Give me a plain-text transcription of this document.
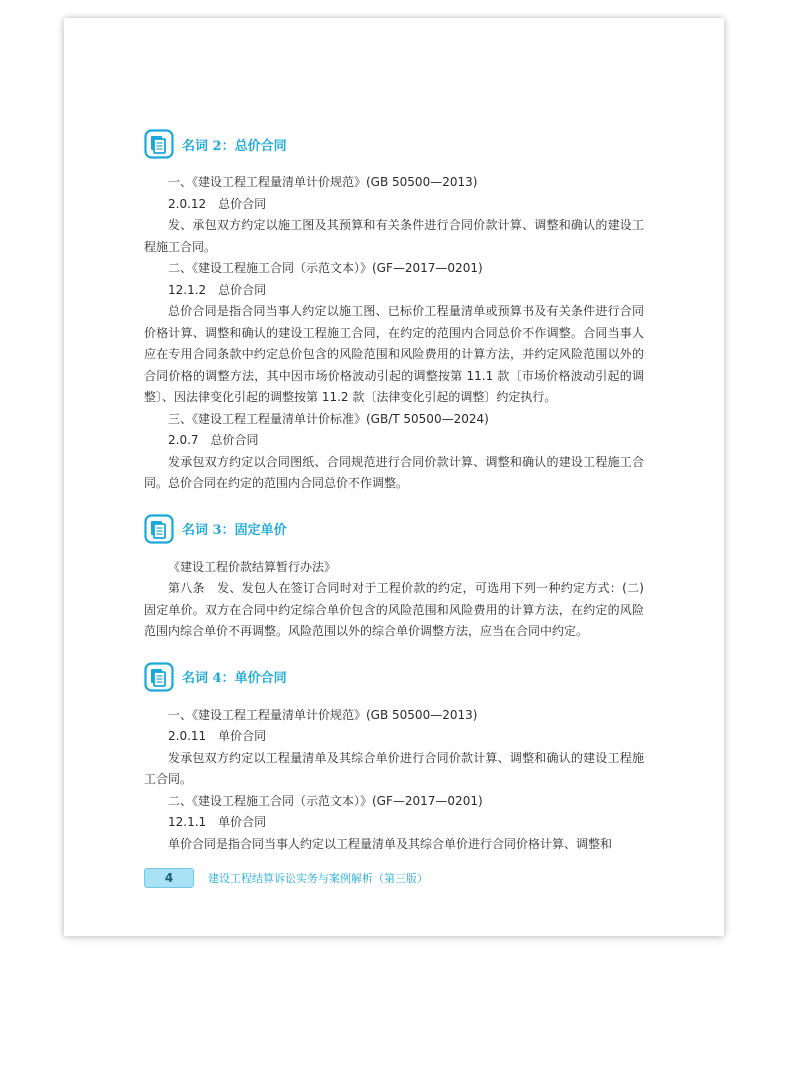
名词 2：总价合同

一、《建设工程工程量清单计价规范》(GB 50500—2013)

2.0.12　总价合同

发、承包双方约定以施工图及其预算和有关条件进行合同价款计算、调整和确认的建设工程施工合同。

二、《建设工程施工合同（示范文本）》(GF—2017—0201)

12.1.2　总价合同

总价合同是指合同当事人约定以施工图、已标价工程量清单或预算书及有关条件进行合同价格计算、调整和确认的建设工程施工合同，在约定的范围内合同总价不作调整。合同当事人应在专用合同条款中约定总价包含的风险范围和风险费用的计算方法，并约定风险范围以外的合同价格的调整方法，其中因市场价格波动引起的调整按第 11.1 款〔市场价格波动引起的调整〕、因法律变化引起的调整按第 11.2 款〔法律变化引起的调整〕约定执行。

三、《建设工程工程量清单计价标准》(GB/T 50500—2024)

2.0.7　总价合同

发承包双方约定以合同图纸、合同规范进行合同价款计算、调整和确认的建设工程施工合同。总价合同在约定的范围内合同总价不作调整。

名词 3：固定单价

《建设工程价款结算暂行办法》

第八条　发、发包人在签订合同时对于工程价款的约定，可选用下列一种约定方式：(二) 固定单价。双方在合同中约定综合单价包含的风险范围和风险费用的计算方法，在约定的风险范围内综合单价不再调整。风险范围以外的综合单价调整方法，应当在合同中约定。

名词 4：单价合同

一、《建设工程工程量清单计价规范》(GB 50500—2013)

2.0.11　单价合同

发承包双方约定以工程量清单及其综合单价进行合同价款计算、调整和确认的建设工程施工合同。

二、《建设工程施工合同（示范文本）》(GF—2017—0201)

12.1.1　单价合同

单价合同是指合同当事人约定以工程量清单及其综合单价进行合同价格计算、调整和

4	建设工程结算诉讼实务与案例解析（第三版）
